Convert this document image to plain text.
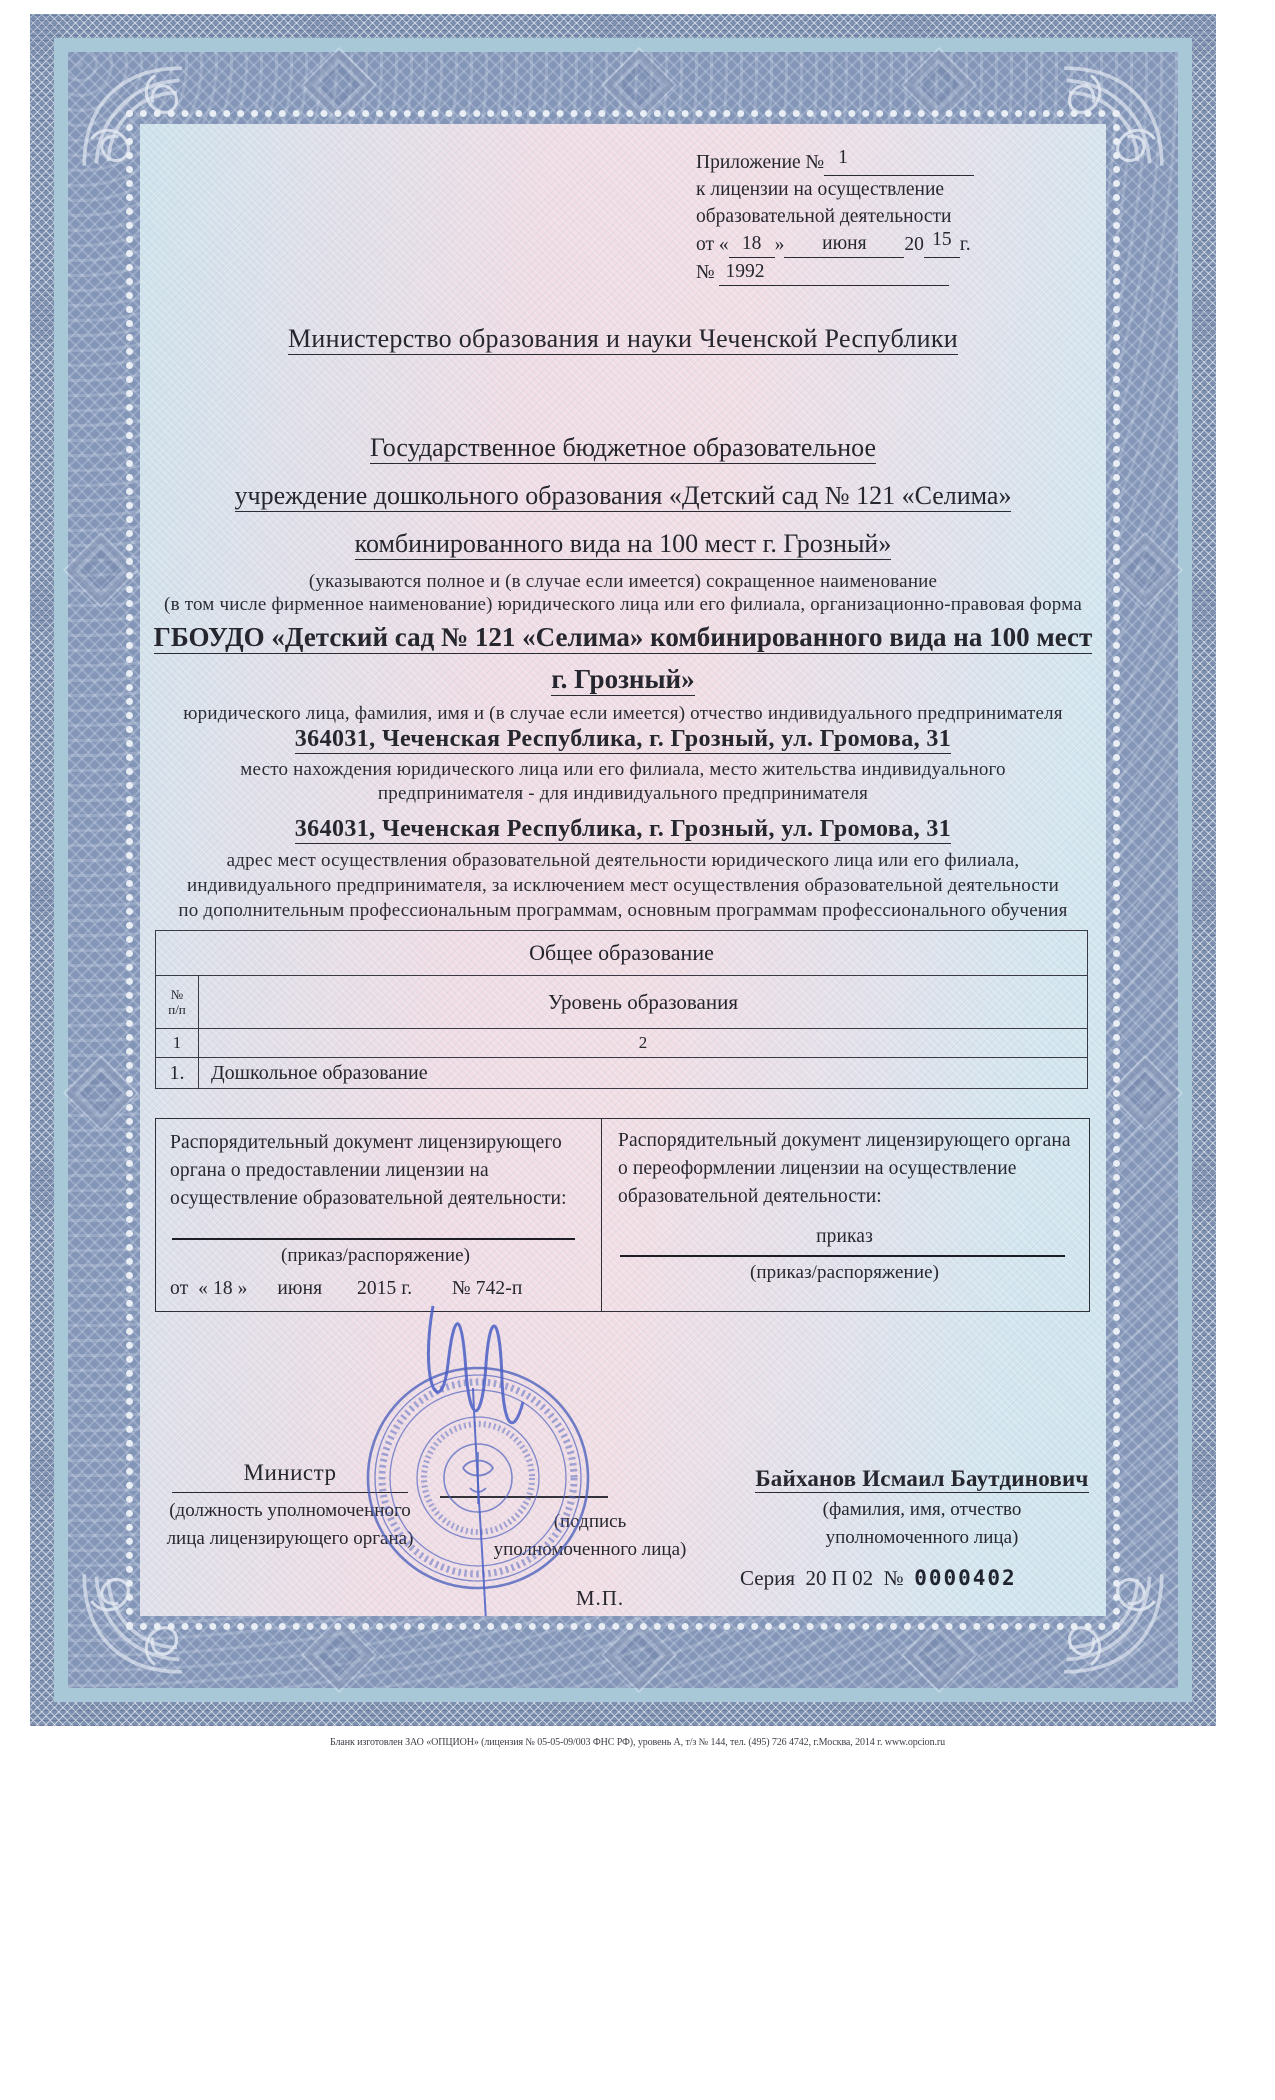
Приложение № 1
к лицензии на осуществление
образовательной деятельности
от « 18 » июня 20 15 г.
№ 1992
Министерство образования и науки Чеченской Республики
Государственное бюджетное образовательное
учреждение дошкольного образования «Детский сад № 121 «Селима»
комбинированного вида на 100 мест г. Грозный»
(указываются полное и (в случае если имеется) сокращенное наименование
(в том числе фирменное наименование) юридического лица или его филиала, организационно-правовая форма
ГБОУДО «Детский сад № 121 «Селима» комбинированного вида на 100 мест
г. Грозный»
юридического лица, фамилия, имя и (в случае если имеется) отчество индивидуального предпринимателя
364031, Чеченская Республика, г. Грозный, ул. Громова, 31
место нахождения юридического лица или его филиала, место жительства индивидуального
предпринимателя - для индивидуального предпринимателя
364031, Чеченская Республика, г. Грозный, ул. Громова, 31
адрес мест осуществления образовательной деятельности юридического лица или его филиала,
индивидуального предпринимателя, за исключением мест осуществления образовательной деятельности
по дополнительным профессиональным программам, основным программам профессионального обучения
Общее образование	

№
п/п	Уровень образования
1	2
1.	Дошкольное образование
Распорядительный документ лицензирующего органа о предоставлении лицензии на осуществление образовательной деятельности:
(приказ/распоряжение)
от  « 18 »      июня       2015 г.        № 742-п
Распорядительный документ лицензирующего органа о переоформлении лицензии на осуществление образовательной деятельности:
приказ
(приказ/распоряжение)
Министр
(должность уполномоченного
лица лицензирующего органа)
(подпись
уполномоченного лица)
М.П.
Байханов Исмаил Баутдинович
(фамилия, имя, отчество
уполномоченного лица)
Серия 20 П 02 № 0000402
Бланк изготовлен ЗАО «ОПЦИОН» (лицензия № 05-05-09/003 ФНС РФ), уровень А, т/з № 144, тел. (495) 726 4742, г.Москва, 2014 г. www.opcion.ru
